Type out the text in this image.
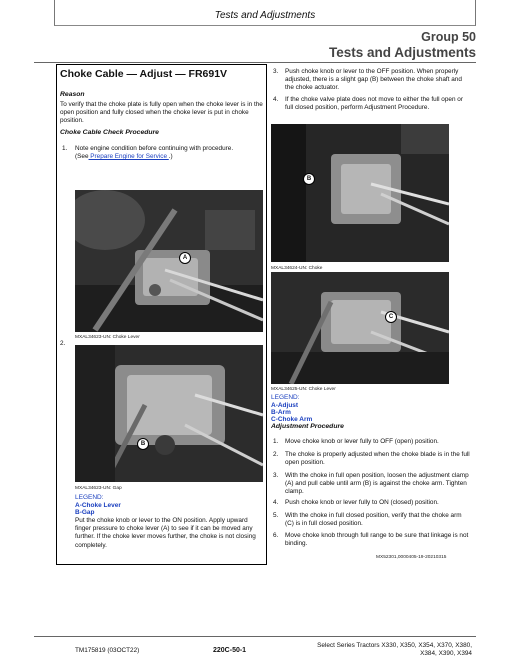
Tests and Adjustments
Group 50
Tests and Adjustments
Choke Cable — Adjust — FR691V
Reason
To verify that the choke plate is fully open when the choke lever is in the open position and fully closed when the choke lever is put in choke position.
Choke Cable Check Procedure
1. Note engine condition before continuing with procedure.
(See Prepare Engine for Service .)
A
MXAL34623-UN: Choke Lever
2.
B
MXAL34623-UN: Gap
LEGEND:
A-Choke Lever
B-Gap
Put the choke knob or lever to the ON position. Apply upward finger pressure to choke lever (A) to see if it can be moved any further. If the choke lever moves further, the choke is not closing completely.
3. Push choke knob or lever to the OFF position. When properly adjusted, there is a slight gap (B) between the choke shaft and the choke actuator.
4. If the choke valve plate does not move to either the full open or full closed position, perform Adjustment Procedure.
B
MXAL34624-UN: Choke
C
MXAL34625-UN: Choke Lever
LEGEND:
A-Adjust
B-Arm
C-Choke Arm
Adjustment Procedure
1. Move choke knob or lever fully to OFF (open) position.
2. The choke is properly adjusted when the choke blade is in the full open position.
3. With the choke in full open position, loosen the adjustment clamp (A) and pull cable until arm (B) is against the choke arm. Tighten clamp.
4. Push choke knob or lever fully to ON (closed) position.
5. With the choke in full closed position, verify that the choke arm (C) is in full closed position.
6. Move choke knob through full range to be sure that linkage is not binding.
MX52301,0000405-19-20210315
TM175819 (03OCT22)	220C-50-1
Select Series Tractors X330, X350, X354, X370, X380,
X384, X390, X394
